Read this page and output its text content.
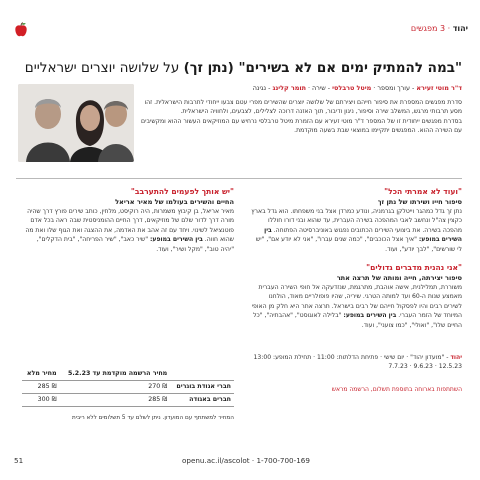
יהוד · 3 מפגשים
"במה להמתיק ימים אם לא בשירים" (נתן זך) על שלושה יוצרים ישראליים
ד"ר מוטי זעירא - עורך ומספר · מיטל טרבלסי - שירה · תומר קלינג - נגינה
סדרת מפגשים המספרת את סיפור חייהם ויצירתם של שלושה יוצרים שהשירים מפרי עטם צבעו ייחודי לתרבות הישראלית. זהו מסע תרבותי מרגש, המשלב שירה וסיפור, ניגון ודיבור, תוך האזנה דרוכה לצלילים, לצבעים, ולחוויה הישראלית.
בסדרת מפגשים ייחודית זו של המספר ד"ר מוטי זעירא עם הזמרת מיטל טרבלסי נרחיש עם המוזיקאים העשור ההוא ומקשיבים עם השירה ההוא. המפגשים יתקיימו במוצאי שבת בשעה מוקדמת.
"ועוד לא אמרתי הכל"
סיפור חייו ושירתו של נתן זך
נתן זך גדל כמהגר וייטלקן בגרמניה, ונודע כמרדן אצל בני משפחתו. הוא גדל בארץ כקצין צה"ל ונחשב לאבי המהפכה בשירה העברית, עד שהוא ובני דורו חוללו מהפכה בשירה. את ביצועי השירים הכתובים נפגוש באוניברסיטה הפתוחה. בין השירים במופע: "איך אצל הכוכבים", "כמה שנים עברו", "אני לא יודע אם", "יש לי שורשים", "לבך יודע", ועוד.
"אני נהנית מדברים גדולים"
סיפור יצירתה, חייה ומותה של תרצה אתר
משוררת, תמלילנית, אישה אוהבת, מתרגמת, שנזדעקה אל חופי השירה העברית מאמצע שנות ה-60 ועד למותה הטרגי. שיריה, שהיו פופולריים מאוד, הולחנו לשירים רבים והיו לפסקול חייהם של רבים בישראל. תרצה אתר היא חלק מן האופי המיוחד של הזמר העברי. בין השירים במופע: "בלילה לאוגוסט", "אהבתיה", "כל החיים שלו", "ואולי", "כמו צועני", ועוד.
"יש אותך לפעמים להתערבב"
החיים והשירים בעולמו של מאיר אריאל
מאיר אריאל, בן קיבוץ משמרות, היה רוקיסט, מלחין, כותב שירים פורץ דרך שהיה מורה דרך לדור שלם של מוזיקאים, דרך החיים ההומניסטית שבה ראה בכל אדם פוטנציאל לשינוי. ויחד עם זה אהב את האדמה, את ההצגה ואת הגוף שלו ואת מה שהוא חווה. בין השירים במופע: "שיר כאב", "שיר הפריחה", "בית הדקלים", "יהיה טוב", "מקל ושיר", ועוד.
יהוד - "מועדון יהוד" · יום שישי · פתיחת הדלתות: 11:00 · תחילת המופע: 13:00
12.5.23 · 9.6.23 · 7.7.23
השתתפות בארוחה בתוספת תשלום, הרשמה מראש
	מחיר הרשמה מוקדמת עד 5.2.23	מחיר מלא
חברי אגודת בוגרים	₪ 270	₪ 285
חברים באגודה	₪ 285	₪ 300
המחיר למשתתף עם המועדון. ניתן לשלם עד 5 תשלומים ללא ריבית
51	openu.ac.il/ascolot · 1-700-700-169
